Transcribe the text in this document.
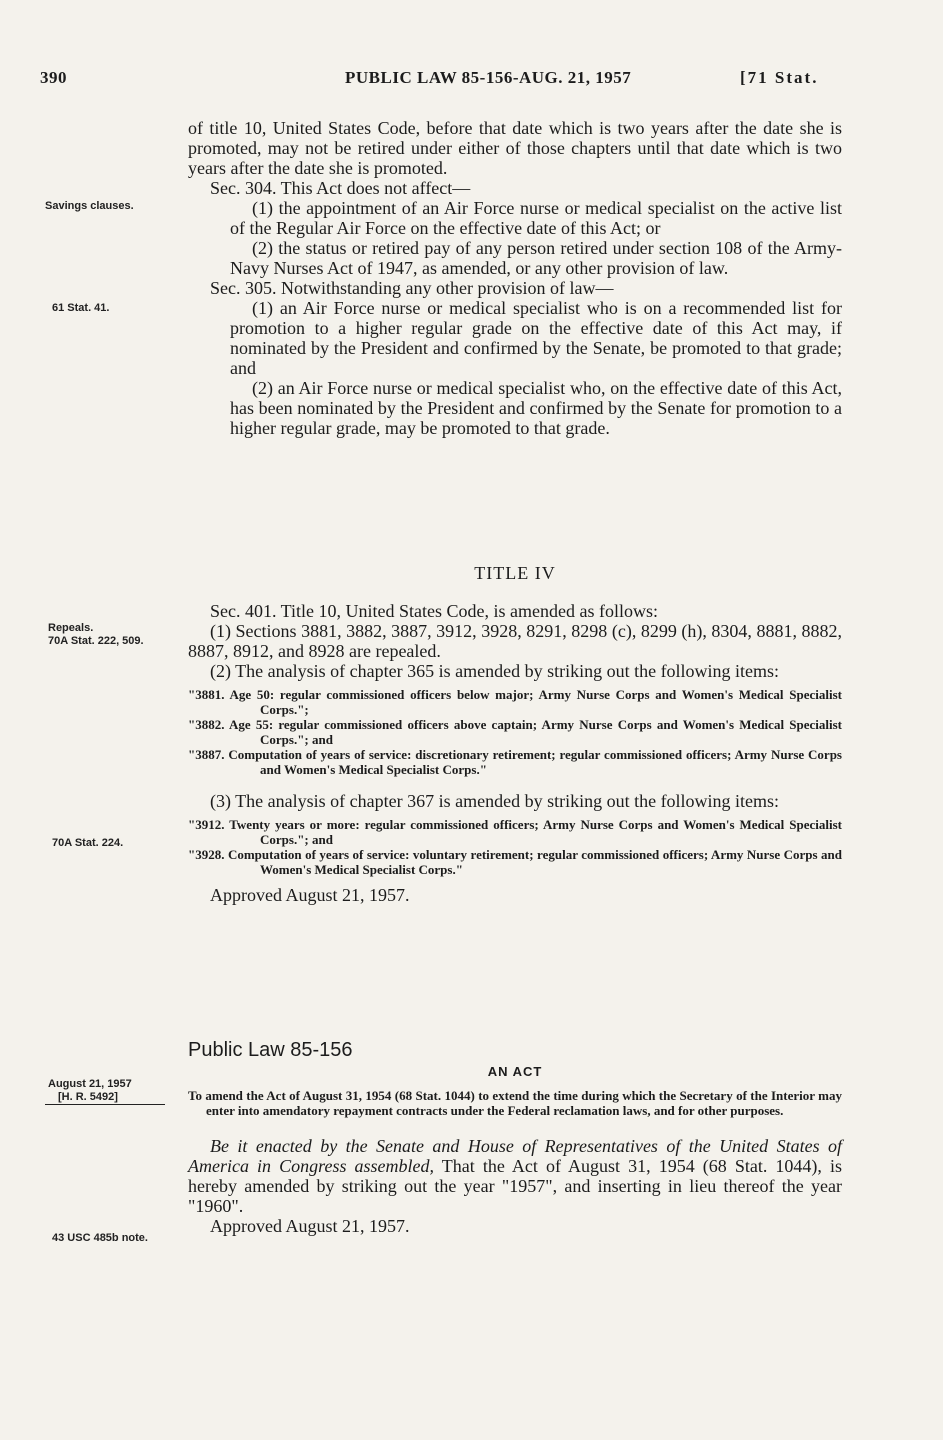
390	PUBLIC LAW 85-156-AUG. 21, 1957	[71 Stat.
Savings clauses.
61 Stat. 41.
Repeals.
70A Stat. 222, 509.
70A Stat. 224.
August 21, 1957
[H. R. 5492]
43 USC 485b note.

of title 10, United States Code, before that date which is two years after the date she is promoted, may not be retired under either of those chapters until that date which is two years after the date she is promoted.

Sec. 304. This Act does not affect—

(1) the appointment of an Air Force nurse or medical specialist on the active list of the Regular Air Force on the effective date of this Act; or

(2) the status or retired pay of any person retired under section 108 of the Army-Navy Nurses Act of 1947, as amended, or any other provision of law.

Sec. 305. Notwithstanding any other provision of law—

(1) an Air Force nurse or medical specialist who is on a recommended list for promotion to a higher regular grade on the effective date of this Act may, if nominated by the President and confirmed by the Senate, be promoted to that grade; and

(2) an Air Force nurse or medical specialist who, on the effective date of this Act, has been nominated by the President and confirmed by the Senate for promotion to a higher regular grade, may be promoted to that grade.

TITLE IV

Sec. 401. Title 10, United States Code, is amended as follows:

(1) Sections 3881, 3882, 3887, 3912, 3928, 8291, 8298 (c), 8299 (h), 8304, 8881, 8882, 8887, 8912, and 8928 are repealed.

(2) The analysis of chapter 365 is amended by striking out the following items:

"3881. Age 50: regular commissioned officers below major; Army Nurse Corps and Women's Medical Specialist Corps.";

"3882. Age 55: regular commissioned officers above captain; Army Nurse Corps and Women's Medical Specialist Corps."; and

"3887. Computation of years of service: discretionary retirement; regular commissioned officers; Army Nurse Corps and Women's Medical Specialist Corps."

(3) The analysis of chapter 367 is amended by striking out the following items:

"3912. Twenty years or more: regular commissioned officers; Army Nurse Corps and Women's Medical Specialist Corps."; and

"3928. Computation of years of service: voluntary retirement; regular commissioned officers; Army Nurse Corps and Women's Medical Specialist Corps."

Approved August 21, 1957.

Public Law 85-156

AN ACT

To amend the Act of August 31, 1954 (68 Stat. 1044) to extend the time during which the Secretary of the Interior may enter into amendatory repayment contracts under the Federal reclamation laws, and for other purposes.

Be it enacted by the Senate and House of Representatives of the United States of America in Congress assembled, That the Act of August 31, 1954 (68 Stat. 1044), is hereby amended by striking out the year "1957", and inserting in lieu thereof the year "1960".

Approved August 21, 1957.
